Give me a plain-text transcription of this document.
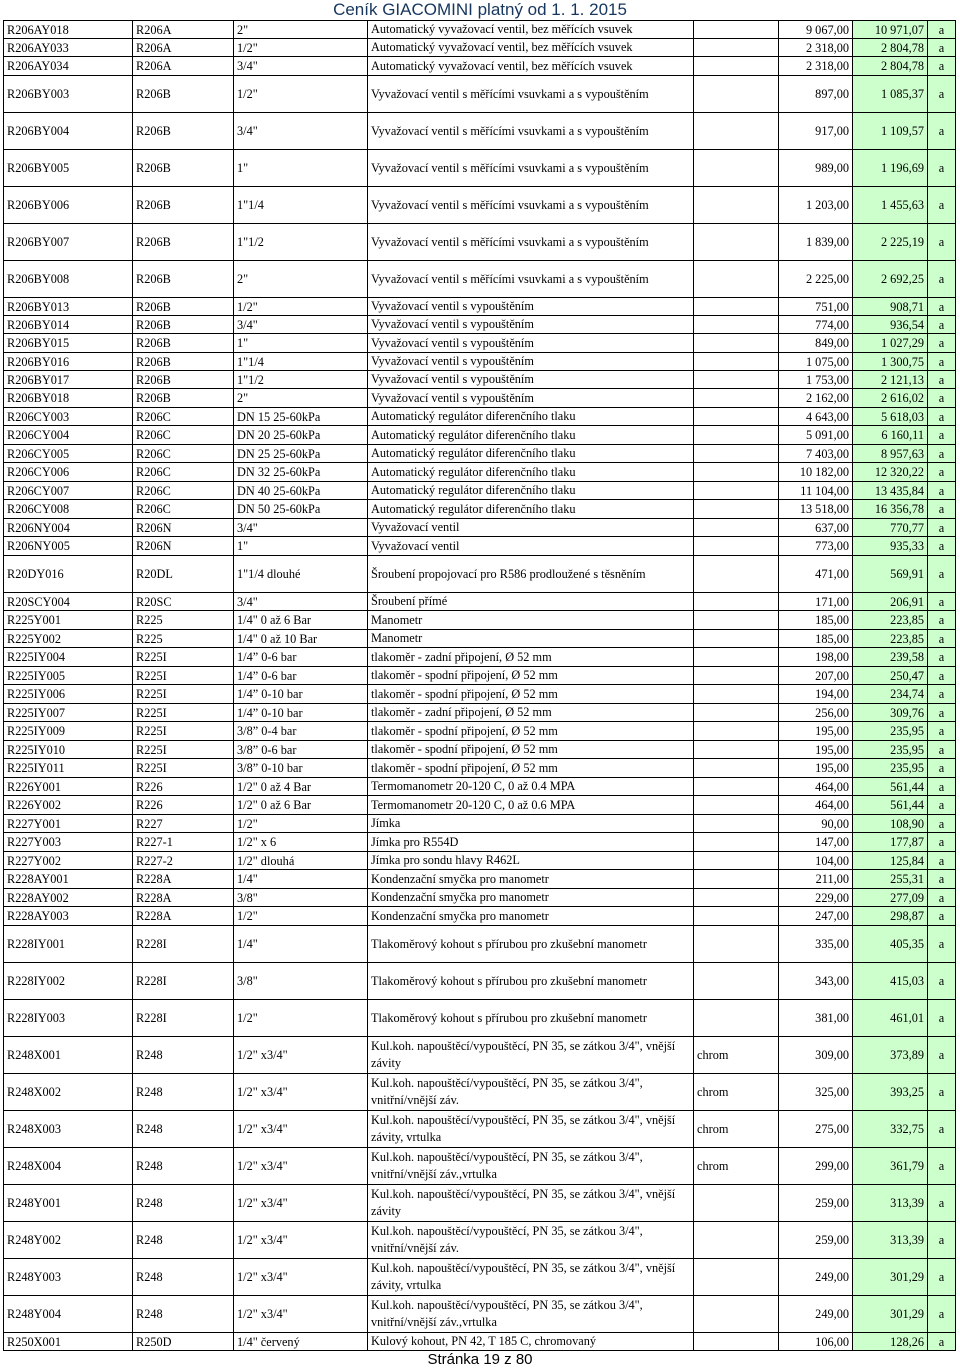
Ceník GIACOMINI platný od 1. 1. 2015
R206AY018	R206A	2"	Automatický vyvažovací ventil, bez měřících vsuvek		9 067,00	10 971,07	a
R206AY033	R206A	1/2"	Automatický vyvažovací ventil, bez měřících vsuvek		2 318,00	2 804,78	a
R206AY034	R206A	3/4"	Automatický vyvažovací ventil, bez měřících vsuvek		2 318,00	2 804,78	a
R206BY003	R206B	1/2"	Vyvažovací ventil s měřícími vsuvkami a s vypouštěním		897,00	1 085,37	a
R206BY004	R206B	3/4"	Vyvažovací ventil s měřícími vsuvkami a s vypouštěním		917,00	1 109,57	a
R206BY005	R206B	1"	Vyvažovací ventil s měřícími vsuvkami a s vypouštěním		989,00	1 196,69	a
R206BY006	R206B	1"1/4	Vyvažovací ventil s měřícími vsuvkami a s vypouštěním		1 203,00	1 455,63	a
R206BY007	R206B	1"1/2	Vyvažovací ventil s měřícími vsuvkami a s vypouštěním		1 839,00	2 225,19	a
R206BY008	R206B	2"	Vyvažovací ventil s měřícími vsuvkami a s vypouštěním		2 225,00	2 692,25	a
R206BY013	R206B	1/2"	Vyvažovací ventil s vypouštěním		751,00	908,71	a
R206BY014	R206B	3/4"	Vyvažovací ventil s vypouštěním		774,00	936,54	a
R206BY015	R206B	1"	Vyvažovací ventil s vypouštěním		849,00	1 027,29	a
R206BY016	R206B	1"1/4	Vyvažovací ventil s vypouštěním		1 075,00	1 300,75	a
R206BY017	R206B	1"1/2	Vyvažovací ventil s vypouštěním		1 753,00	2 121,13	a
R206BY018	R206B	2"	Vyvažovací ventil s vypouštěním		2 162,00	2 616,02	a
R206CY003	R206C	DN 15 25-60kPa	Automatický regulátor diferenčního tlaku		4 643,00	5 618,03	a
R206CY004	R206C	DN 20 25-60kPa	Automatický regulátor diferenčního tlaku		5 091,00	6 160,11	a
R206CY005	R206C	DN 25 25-60kPa	Automatický regulátor diferenčního tlaku		7 403,00	8 957,63	a
R206CY006	R206C	DN 32 25-60kPa	Automatický regulátor diferenčního tlaku		10 182,00	12 320,22	a
R206CY007	R206C	DN 40 25-60kPa	Automatický regulátor diferenčního tlaku		11 104,00	13 435,84	a
R206CY008	R206C	DN 50 25-60kPa	Automatický regulátor diferenčního tlaku		13 518,00	16 356,78	a
R206NY004	R206N	3/4"	Vyvažovací ventil		637,00	770,77	a
R206NY005	R206N	1"	Vyvažovací ventil		773,00	935,33	a
R20DY016	R20DL	1"1/4 dlouhé	Šroubení propojovací pro R586 prodloužené s těsněním		471,00	569,91	a
R20SCY004	R20SC	3/4"	Šroubení přímé		171,00	206,91	a
R225Y001	R225	1/4" 0 až 6 Bar	Manometr		185,00	223,85	a
R225Y002	R225	1/4" 0 až 10 Bar	Manometr		185,00	223,85	a
R225IY004	R225I	1/4” 0-6 bar	tlakoměr - zadní připojení, Ø 52 mm		198,00	239,58	a
R225IY005	R225I	1/4” 0-6 bar	tlakoměr - spodní připojení, Ø 52 mm		207,00	250,47	a
R225IY006	R225I	1/4” 0-10 bar	tlakoměr - spodní připojení, Ø 52 mm		194,00	234,74	a
R225IY007	R225I	1/4” 0-10 bar	tlakoměr - zadní připojení, Ø 52 mm		256,00	309,76	a
R225IY009	R225I	3/8” 0-4 bar	tlakoměr - spodní připojení, Ø 52 mm		195,00	235,95	a
R225IY010	R225I	3/8” 0-6 bar	tlakoměr - spodní připojení, Ø 52 mm		195,00	235,95	a
R225IY011	R225I	3/8” 0-10 bar	tlakoměr - spodní připojení, Ø 52 mm		195,00	235,95	a
R226Y001	R226	1/2" 0 až 4 Bar	Termomanometr 20-120 C, 0 až 0.4 MPA		464,00	561,44	a
R226Y002	R226	1/2" 0 až 6 Bar	Termomanometr 20-120 C, 0 až 0.6 MPA		464,00	561,44	a
R227Y001	R227	1/2"	Jímka		90,00	108,90	a
R227Y003	R227-1	1/2" x 6	Jímka pro R554D		147,00	177,87	a
R227Y002	R227-2	1/2" dlouhá	Jímka pro sondu hlavy R462L		104,00	125,84	a
R228AY001	R228A	1/4"	Kondenzační smyčka pro manometr		211,00	255,31	a
R228AY002	R228A	3/8"	Kondenzační smyčka pro manometr		229,00	277,09	a
R228AY003	R228A	1/2"	Kondenzační smyčka pro manometr		247,00	298,87	a
R228IY001	R228I	1/4"	Tlakoměrový kohout s přírubou pro zkušební manometr		335,00	405,35	a
R228IY002	R228I	3/8"	Tlakoměrový kohout s přírubou pro zkušební manometr		343,00	415,03	a
R228IY003	R228I	1/2"	Tlakoměrový kohout s přírubou pro zkušební manometr		381,00	461,01	a
R248X001	R248	1/2" x3/4"	Kul.koh. napouštěcí/vypouštěcí, PN 35, se zátkou 3/4", vnější závity	chrom	309,00	373,89	a
R248X002	R248	1/2" x3/4"	Kul.koh. napouštěcí/vypouštěcí, PN 35, se zátkou 3/4", vnitřní/vnější záv.	chrom	325,00	393,25	a
R248X003	R248	1/2" x3/4"	Kul.koh. napouštěcí/vypouštěcí, PN 35, se zátkou 3/4", vnější závity, vrtulka	chrom	275,00	332,75	a
R248X004	R248	1/2" x3/4"	Kul.koh. napouštěcí/vypouštěcí, PN 35, se zátkou 3/4", vnitřní/vnější záv.,vrtulka	chrom	299,00	361,79	a
R248Y001	R248	1/2" x3/4"	Kul.koh. napouštěcí/vypouštěcí, PN 35, se zátkou 3/4", vnější závity		259,00	313,39	a
R248Y002	R248	1/2" x3/4"	Kul.koh. napouštěcí/vypouštěcí, PN 35, se zátkou 3/4", vnitřní/vnější záv.		259,00	313,39	a
R248Y003	R248	1/2" x3/4"	Kul.koh. napouštěcí/vypouštěcí, PN 35, se zátkou 3/4", vnější závity, vrtulka		249,00	301,29	a
R248Y004	R248	1/2" x3/4"	Kul.koh. napouštěcí/vypouštěcí, PN 35, se zátkou 3/4", vnitřní/vnější záv.,vrtulka		249,00	301,29	a
R250X001	R250D	1/4" červený	Kulový kohout, PN 42, T 185 C, chromovaný		106,00	128,26	a
Stránka 19 z 80
